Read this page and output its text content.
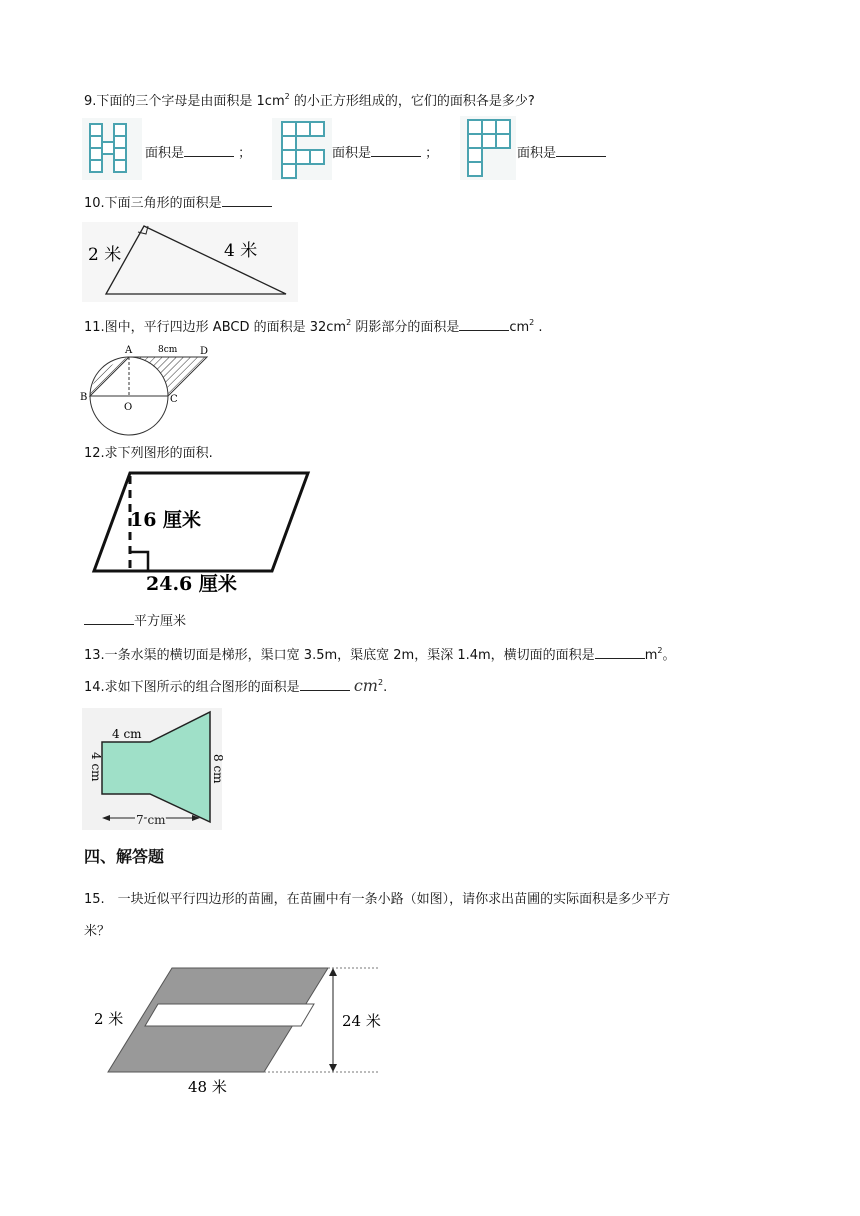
9.下面的三个字母是由面积是 $1cm^2$ 的小正方形组成的，它们的面积各是多少?
面积是	；	面积是	；	面积是
10.下面三角形的面积是
2 米	4 米
11.图中，平行四边形 ABCD 的面积是 $32cm^2$ 阴影部分的面积是	$cm^2$ .
A	8cm D
B
O
C
12.求下列图形的面积.
16 厘米
24.6 厘米
平方厘米
13.一条水渠的横切面是梯形，渠口宽 3.5m，渠底宽 2m，渠深 1.4m，横切面的面积是	$m^2$。
14.求如下图所示的组合图形的面积是	$cm^2$.
4 cm
7 cm
4 cm	8 cm
四、解答题
15.　一块近似平行四边形的苗圃，在苗圃中有一条小路（如图），请你求出苗圃的实际面积是多少平方
米？
2 米	24 米
48 米
